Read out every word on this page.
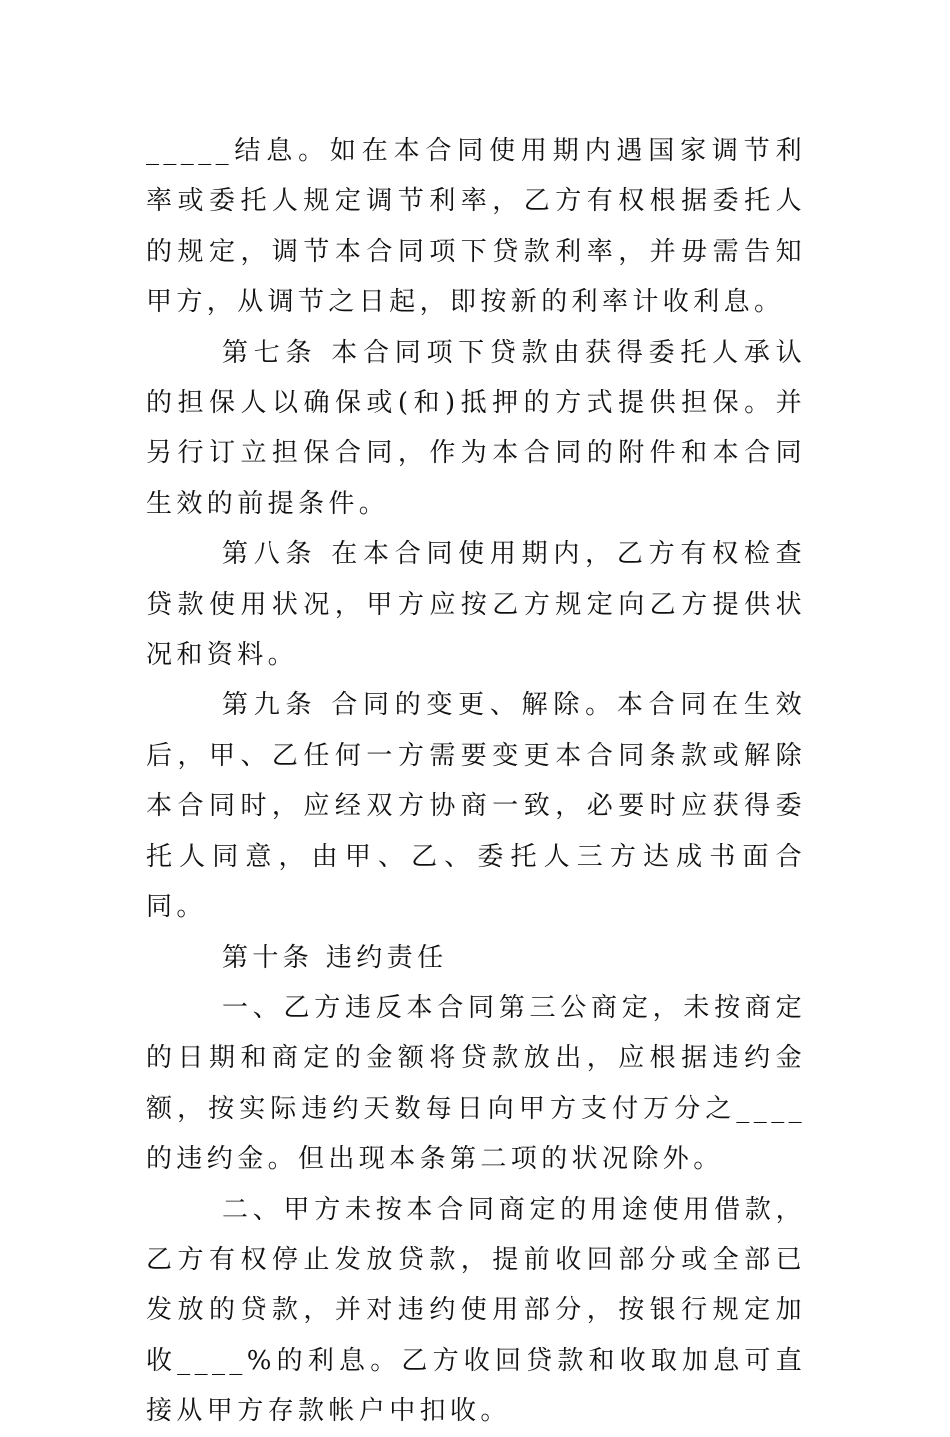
_____结息。如在本合同使用期内遇国家调节利率或委托人规定调节利率，乙方有权根据委托人的规定，调节本合同项下贷款利率，并毋需告知甲方，从调节之日起，即按新的利率计收利息。

第七条 本合同项下贷款由获得委托人承认的担保人以确保或(和)抵押的方式提供担保。并另行订立担保合同，作为本合同的附件和本合同生效的前提条件。

第八条 在本合同使用期内，乙方有权检查贷款使用状况，甲方应按乙方规定向乙方提供状况和资料。

第九条 合同的变更、解除。本合同在生效后，甲、乙任何一方需要变更本合同条款或解除本合同时，应经双方协商一致，必要时应获得委托人同意，由甲、乙、委托人三方达成书面合同。

第十条 违约责任

一、乙方违反本合同第三公商定，未按商定的日期和商定的金额将贷款放出，应根据违约金额，按实际违约天数每日向甲方支付万分之____的违约金。但出现本条第二项的状况除外。

二、甲方未按本合同商定的用途使用借款，乙方有权停止发放贷款，提前收回部分或全部已发放的贷款，并对违约使用部分，按银行规定加收____%的利息。乙方收回贷款和收取加息可直接从甲方存款帐户中扣收。
